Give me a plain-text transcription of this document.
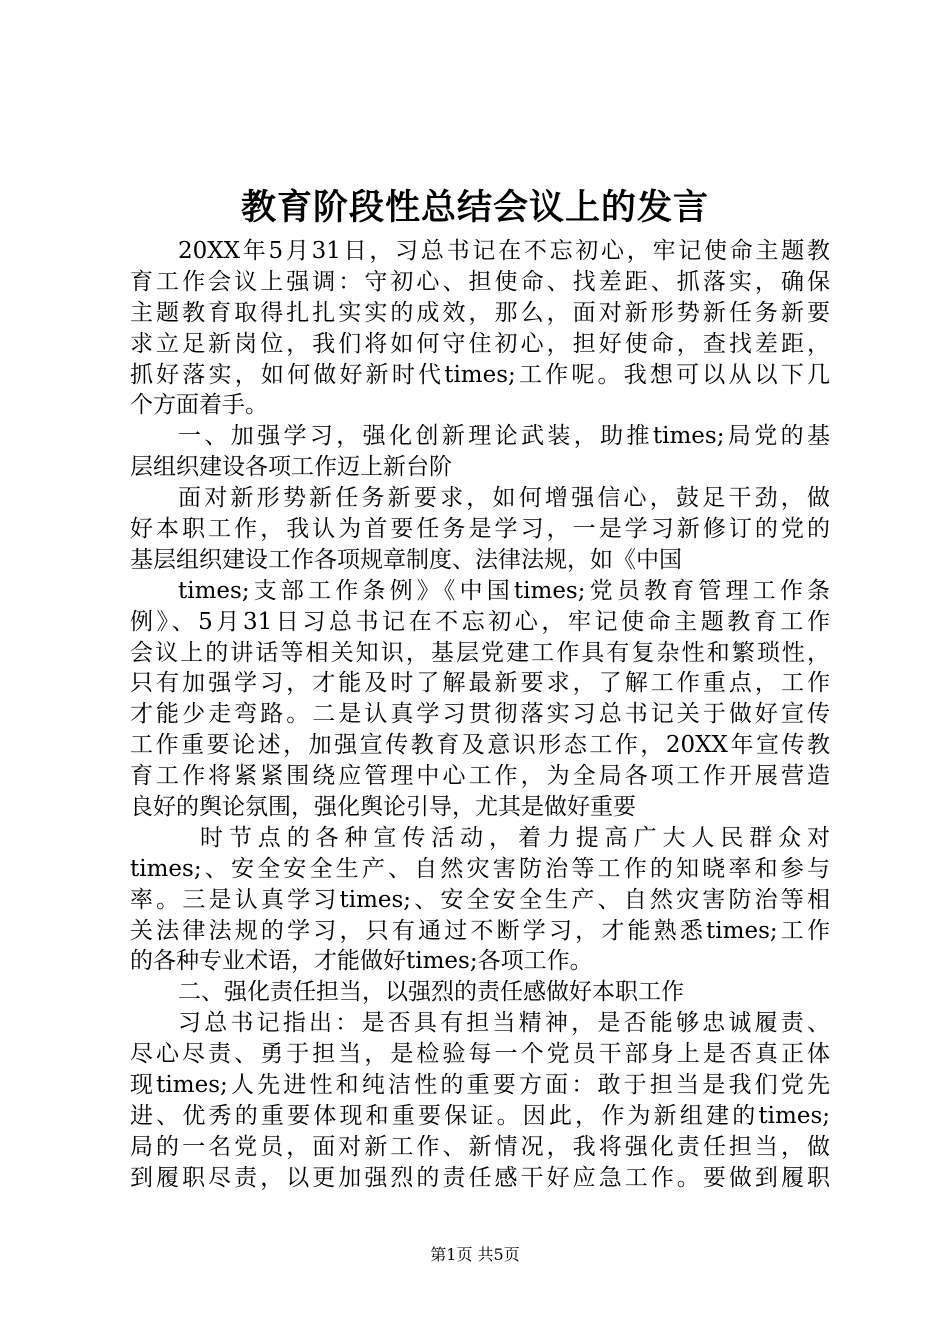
教育阶段性总结会议上的发言
20XX年5月31日，习总书记在不忘初心，牢记使命主题教
育工作会议上强调：守初心、担使命、找差距、抓落实，确保
主题教育取得扎扎实实的成效，那么，面对新形势新任务新要
求立足新岗位，我们将如何守住初心，担好使命，查找差距，
抓好落实，如何做好新时代times;工作呢。我想可以从以下几
个方面着手。
一、加强学习，强化创新理论武装，助推times;局党的基
层组织建设各项工作迈上新台阶
面对新形势新任务新要求，如何增强信心，鼓足干劲，做
好本职工作，我认为首要任务是学习，一是学习新修订的党的
基层组织建设工作各项规章制度、法律法规，如《中国
times;支部工作条例》《中国times;党员教育管理工作条
例》、5月31日习总书记在不忘初心，牢记使命主题教育工作
会议上的讲话等相关知识，基层党建工作具有复杂性和繁琐性，
只有加强学习，才能及时了解最新要求，了解工作重点，工作
才能少走弯路。二是认真学习贯彻落实习总书记关于做好宣传
工作重要论述，加强宣传教育及意识形态工作，20XX年宣传教
育工作将紧紧围绕应管理中心工作，为全局各项工作开展营造
良好的舆论氛围，强化舆论引导，尤其是做好重要
时节点的各种宣传活动，着力提高广大人民群众对
times;、安全安全生产、自然灾害防治等工作的知晓率和参与
率。三是认真学习times;、安全安全生产、自然灾害防治等相
关法律法规的学习，只有通过不断学习，才能熟悉times;工作
的各种专业术语，才能做好times;各项工作。
二、强化责任担当，以强烈的责任感做好本职工作
习总书记指出：是否具有担当精神，是否能够忠诚履责、
尽心尽责、勇于担当，是检验每一个党员干部身上是否真正体
现times;人先进性和纯洁性的重要方面：敢于担当是我们党先
进、优秀的重要体现和重要保证。因此，作为新组建的times;
局的一名党员，面对新工作、新情况，我将强化责任担当，做
到履职尽责，以更加强烈的责任感干好应急工作。要做到履职
第1页 共5页
